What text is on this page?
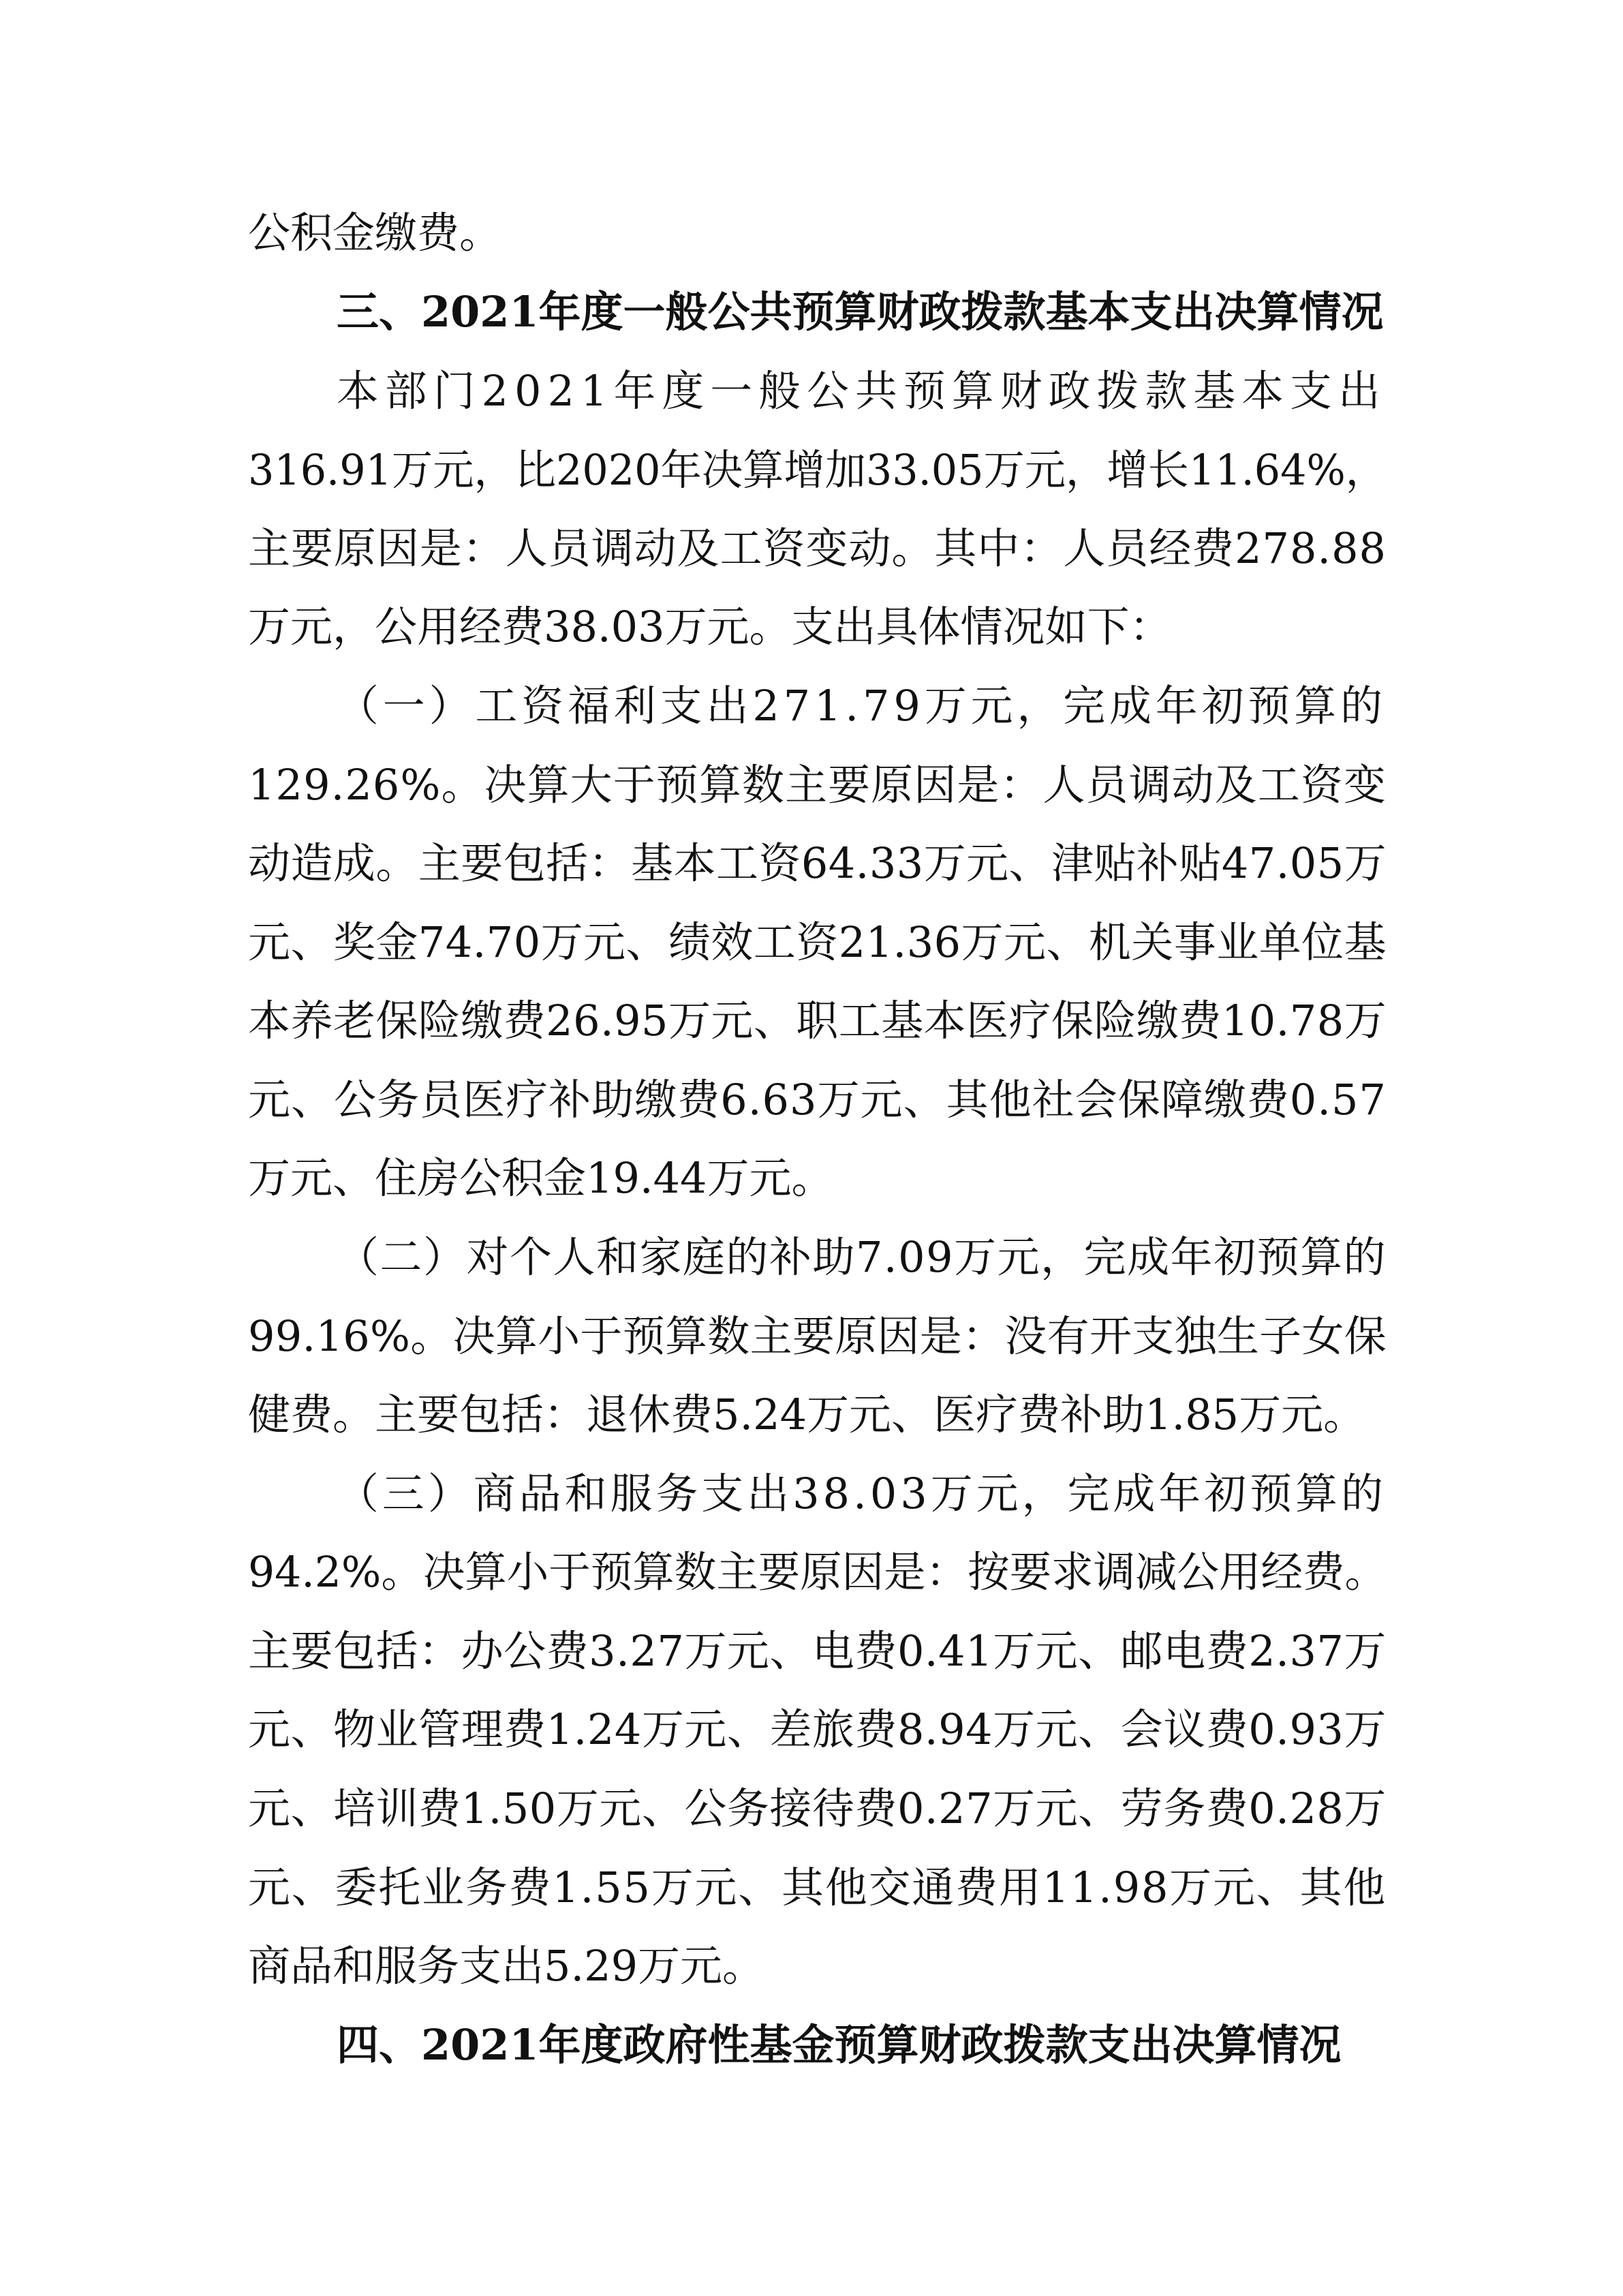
公积金缴费。

三、2021年度一般公共预算财政拨款基本支出决算情况

本部门2021年度一般公共预算财政拨款基本支出

316.91万元，比2020年决算增加33.05万元，增长11.64%，

主要原因是：人员调动及工资变动。其中：人员经费278.88

万元，公用经费38.03万元。支出具体情况如下：

（一）工资福利支出271.79万元，完成年初预算的

129.26%。决算大于预算数主要原因是：人员调动及工资变

动造成。主要包括：基本工资64.33万元、津贴补贴47.05万

元、奖金74.70万元、绩效工资21.36万元、机关事业单位基

本养老保险缴费26.95万元、职工基本医疗保险缴费10.78万

元、公务员医疗补助缴费6.63万元、其他社会保障缴费0.57

万元、住房公积金19.44万元。

（二）对个人和家庭的补助7.09万元，完成年初预算的

99.16%。决算小于预算数主要原因是：没有开支独生子女保

健费。主要包括：退休费5.24万元、医疗费补助1.85万元。

（三）商品和服务支出38.03万元，完成年初预算的

94.2%。决算小于预算数主要原因是：按要求调减公用经费。

主要包括：办公费3.27万元、电费0.41万元、邮电费2.37万

元、物业管理费1.24万元、差旅费8.94万元、会议费0.93万

元、培训费1.50万元、公务接待费0.27万元、劳务费0.28万

元、委托业务费1.55万元、其他交通费用11.98万元、其他

商品和服务支出5.29万元。

四、2021年度政府性基金预算财政拨款支出决算情况
